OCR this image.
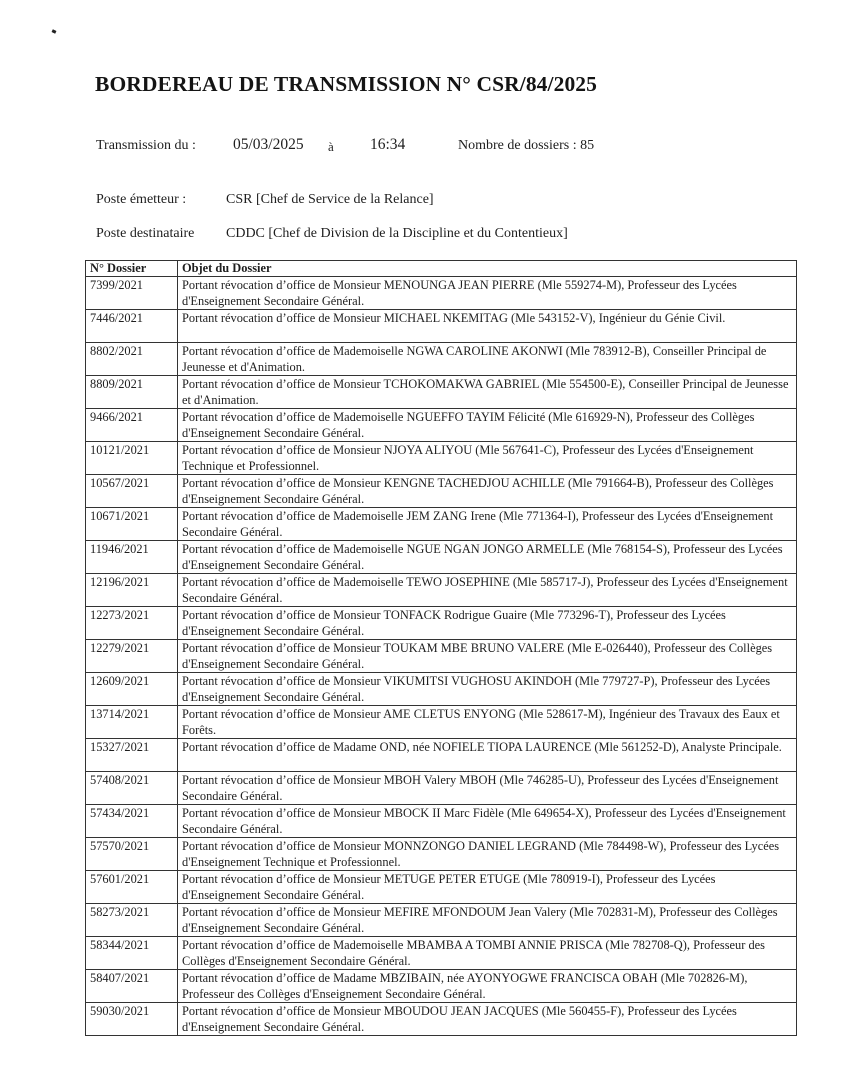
BORDEREAU DE TRANSMISSION N° CSR/84/2025
Transmission du : 05/03/2025 à 16:34	Nombre de dossiers : 85
Poste émetteur :	CSR [Chef de Service de la Relance]
Poste destinataire CDDC [Chef de Division de la Discipline et du Contentieux]
N° Dossier	Objet du Dossier
7399/2021	Portant révocation d’office de Monsieur MENOUNGA JEAN PIERRE (Mle 559274-M), Professeur des Lycées d'Enseignement Secondaire Général.
7446/2021	Portant révocation d’office de Monsieur MICHAEL NKEMITAG (Mle 543152-V), Ingénieur du Génie Civil.
8802/2021	Portant révocation d’office de Mademoiselle NGWA CAROLINE AKONWI (Mle 783912-B), Conseiller Principal de Jeunesse et d'Animation.
8809/2021	Portant révocation d’office de Monsieur TCHOKOMAKWA GABRIEL (Mle 554500-E), Conseiller Principal de Jeunesse et d'Animation.
9466/2021	Portant révocation d’office de Mademoiselle NGUEFFO TAYIM Félicité (Mle 616929-N), Professeur des Collèges d'Enseignement Secondaire Général.
10121/2021	Portant révocation d’office de Monsieur NJOYA ALIYOU (Mle 567641-C), Professeur des Lycées d'Enseignement Technique et Professionnel.
10567/2021	Portant révocation d’office de Monsieur KENGNE TACHEDJOU ACHILLE (Mle 791664-B), Professeur des Collèges d'Enseignement Secondaire Général.
10671/2021	Portant révocation d’office de Mademoiselle JEM ZANG Irene (Mle 771364-I), Professeur des Lycées d'Enseignement Secondaire Général.
11946/2021	Portant révocation d’office de Mademoiselle NGUE NGAN JONGO ARMELLE (Mle 768154-S), Professeur des Lycées d'Enseignement Secondaire Général.
12196/2021	Portant révocation d’office de Mademoiselle TEWO JOSEPHINE (Mle 585717-J), Professeur des Lycées d'Enseignement Secondaire Général.
12273/2021	Portant révocation d’office de Monsieur TONFACK Rodrigue Guaire (Mle 773296-T), Professeur des Lycées d'Enseignement Secondaire Général.
12279/2021	Portant révocation d’office de Monsieur TOUKAM MBE BRUNO VALERE (Mle E-026440), Professeur des Collèges d'Enseignement Secondaire Général.
12609/2021	Portant révocation d’office de Monsieur VIKUMITSI VUGHOSU AKINDOH (Mle 779727-P), Professeur des Lycées d'Enseignement Secondaire Général.
13714/2021	Portant révocation d’office de Monsieur AME CLETUS ENYONG (Mle 528617-M), Ingénieur des Travaux des Eaux et Forêts.
15327/2021	Portant révocation d’office de Madame OND, née NOFIELE TIOPA LAURENCE (Mle 561252-D), Analyste Principale.
57408/2021	Portant révocation d’office de Monsieur MBOH Valery MBOH (Mle 746285-U), Professeur des Lycées d'Enseignement Secondaire Général.
57434/2021	Portant révocation d’office de Monsieur MBOCK II Marc Fidèle (Mle 649654-X), Professeur des Lycées d'Enseignement Secondaire Général.
57570/2021	Portant révocation d’office de Monsieur MONNZONGO DANIEL LEGRAND (Mle 784498-W), Professeur des Lycées d'Enseignement Technique et Professionnel.
57601/2021	Portant révocation d’office de Monsieur METUGE PETER ETUGE (Mle 780919-I), Professeur des Lycées d'Enseignement Secondaire Général.
58273/2021	Portant révocation d’office de Monsieur MEFIRE MFONDOUM Jean Valery (Mle 702831-M), Professeur des Collèges d'Enseignement Secondaire Général.
58344/2021	Portant révocation d’office de Mademoiselle MBAMBA A TOMBI ANNIE PRISCA (Mle 782708-Q), Professeur des Collèges d'Enseignement Secondaire Général.
58407/2021	Portant révocation d’office de Madame MBZIBAIN, née AYONYOGWE FRANCISCA OBAH (Mle 702826-M), Professeur des Collèges d'Enseignement Secondaire Général.
59030/2021	Portant révocation d’office de Monsieur MBOUDOU JEAN JACQUES (Mle 560455-F), Professeur des Lycées d'Enseignement Secondaire Général.
